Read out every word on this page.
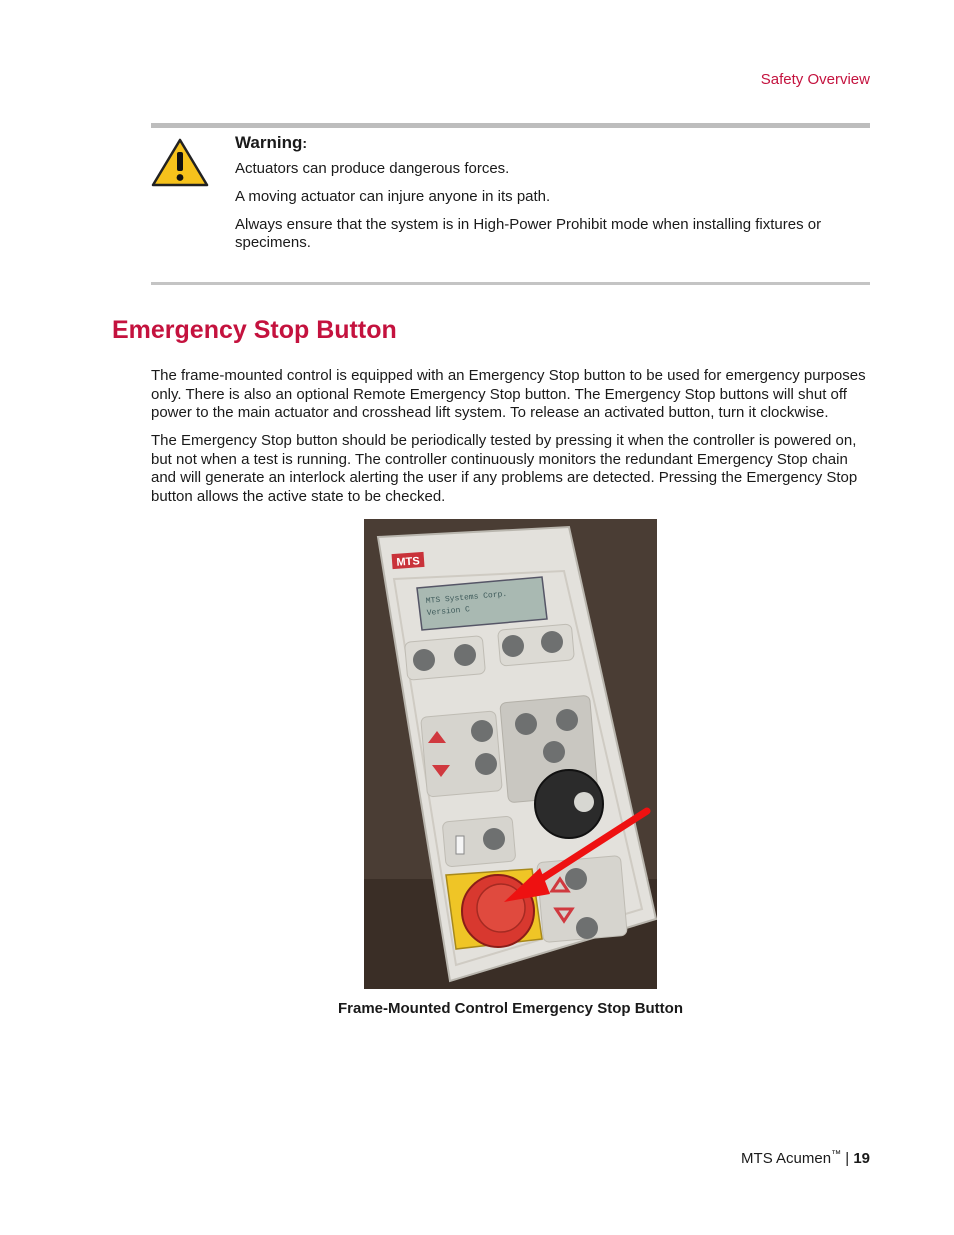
Safety Overview

Warning:

Actuators can produce dangerous forces.

A moving actuator can injure anyone in its path.

Always ensure that the system is in High-Power Prohibit mode when installing fixtures or specimens.

Emergency Stop Button

The frame-mounted control is equipped with an Emergency Stop button to be used for emergency purposes only. There is also an optional Remote Emergency Stop button. The Emergency Stop buttons will shut off power to the main actuator and crosshead lift system. To release an activated button, turn it clockwise.

The Emergency Stop button should be periodically tested by pressing it when the controller is powered on, but not when a test is running. The controller continuously monitors the redundant Emergency Stop chain and will generate an interlock alerting the user if any problems are detected. Pressing the Emergency Stop button allows the active state to be checked.

MTS
MTS Systems Corp.
Version C
Frame-Mounted Control Emergency Stop Button
MTS Acumen™ | 19
